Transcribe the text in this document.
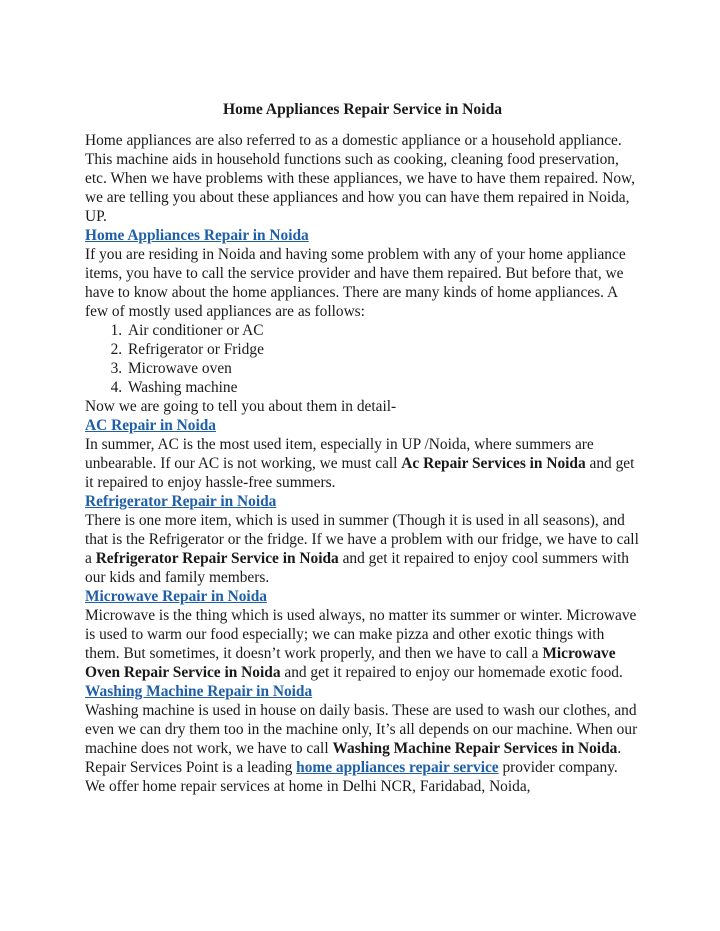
Home Appliances Repair Service in Noida

Home appliances are also referred to as a domestic appliance or a household appliance. This machine aids in household functions such as cooking, cleaning food preservation, etc. When we have problems with these appliances, we have to have them repaired. Now, we are telling you about these appliances and how you can have them repaired in Noida, UP.

Home Appliances Repair in Noida

If you are residing in Noida and having some problem with any of your home appliance items, you have to call the service provider and have them repaired. But before that, we have to know about the home appliances. There are many kinds of home appliances. A few of mostly used appliances are as follows:

1. Air conditioner or AC
2. Refrigerator or Fridge
3. Microwave oven
4. Washing machine

Now we are going to tell you about them in detail-

AC Repair in Noida

In summer, AC is the most used item, especially in UP /Noida, where summers are unbearable. If our AC is not working, we must call Ac Repair Services in Noida and get it repaired to enjoy hassle-free summers.

Refrigerator Repair in Noida

There is one more item, which is used in summer (Though it is used in all seasons), and that is the Refrigerator or the fridge. If we have a problem with our fridge, we have to call a Refrigerator Repair Service in Noida and get it repaired to enjoy cool summers with our kids and family members.

Microwave Repair in Noida

Microwave is the thing which is used always, no matter its summer or winter. Microwave is used to warm our food especially; we can make pizza and other exotic things with them. But sometimes, it doesn’t work properly, and then we have to call a Microwave Oven Repair Service in Noida and get it repaired to enjoy our homemade exotic food.

Washing Machine Repair in Noida

Washing machine is used in house on daily basis. These are used to wash our clothes, and even we can dry them too in the machine only, It’s all depends on our machine. When our machine does not work, we have to call Washing Machine Repair Services in Noida.

Repair Services Point is a leading home appliances repair service provider company. We offer home repair services at home in Delhi NCR, Faridabad, Noida,
